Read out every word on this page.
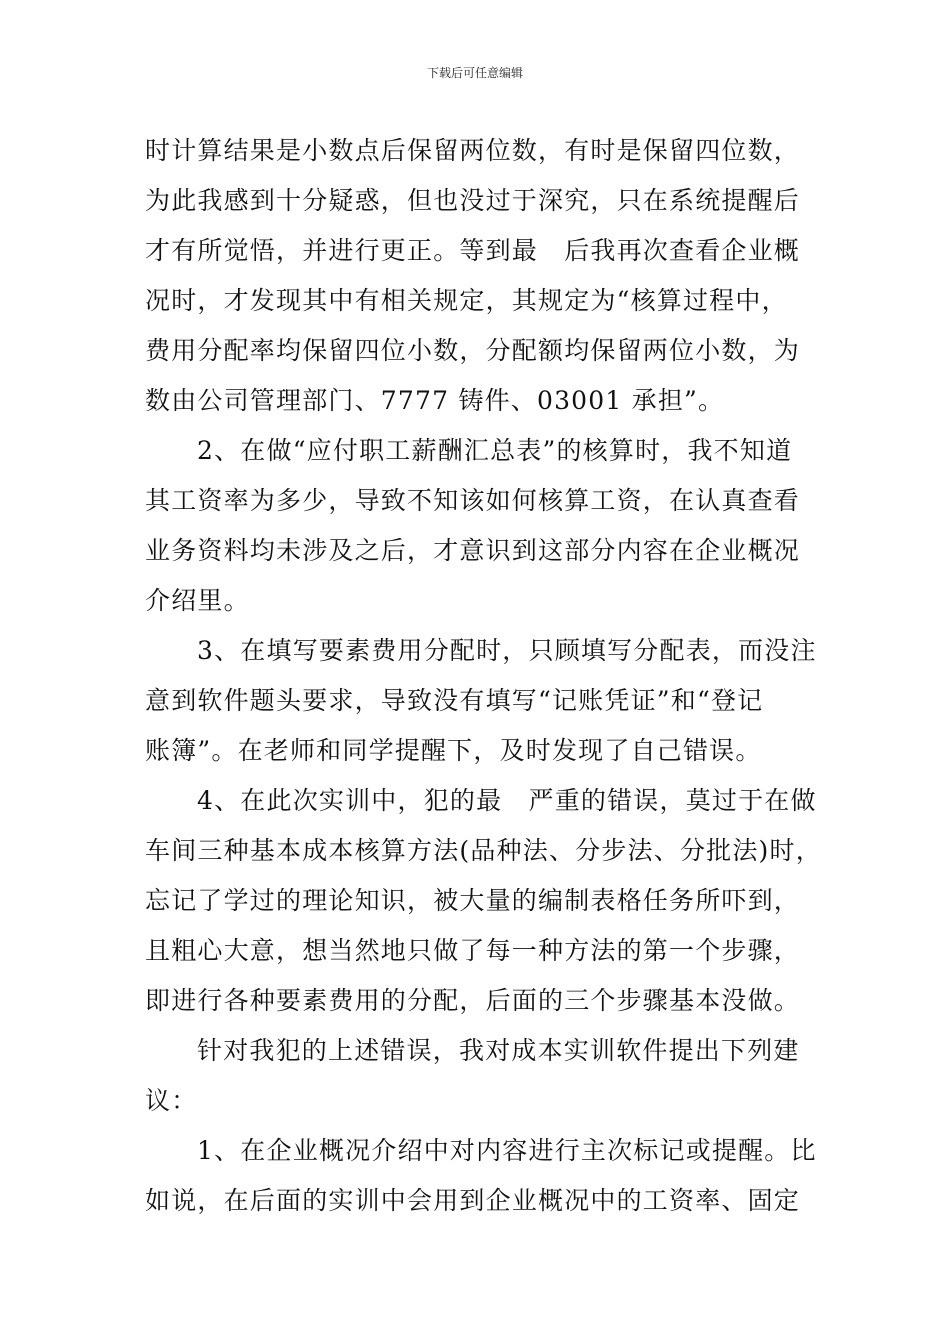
下载后可任意编辑
时计算结果是小数点后保留两位数，有时是保留四位数，
为此我感到十分疑惑，但也没过于深究，只在系统提醒后
才有所觉悟，并进行更正。等到最　后我再次查看企业概
况时，才发现其中有相关规定，其规定为“核算过程中，
费用分配率均保留四位小数，分配额均保留两位小数，为
数由公司管理部门、7777 铸件、03001 承担”。
2、在做“应付职工薪酬汇总表”的核算时，我不知道
其工资率为多少，导致不知该如何核算工资，在认真查看
业务资料均未涉及之后，才意识到这部分内容在企业概况
介绍里。
3、在填写要素费用分配时，只顾填写分配表，而没注
意到软件题头要求，导致没有填写“记账凭证”和“登记
账簿”。在老师和同学提醒下，及时发现了自己错误。
4、在此次实训中，犯的最　严重的错误，莫过于在做
车间三种基本成本核算方法(品种法、分步法、分批法)时，
忘记了学过的理论知识，被大量的编制表格任务所吓到，
且粗心大意，想当然地只做了每一种方法的第一个步骤，
即进行各种要素费用的分配，后面的三个步骤基本没做。
针对我犯的上述错误，我对成本实训软件提出下列建
议：
1、在企业概况介绍中对内容进行主次标记或提醒。比
如说，在后面的实训中会用到企业概况中的工资率、固定
